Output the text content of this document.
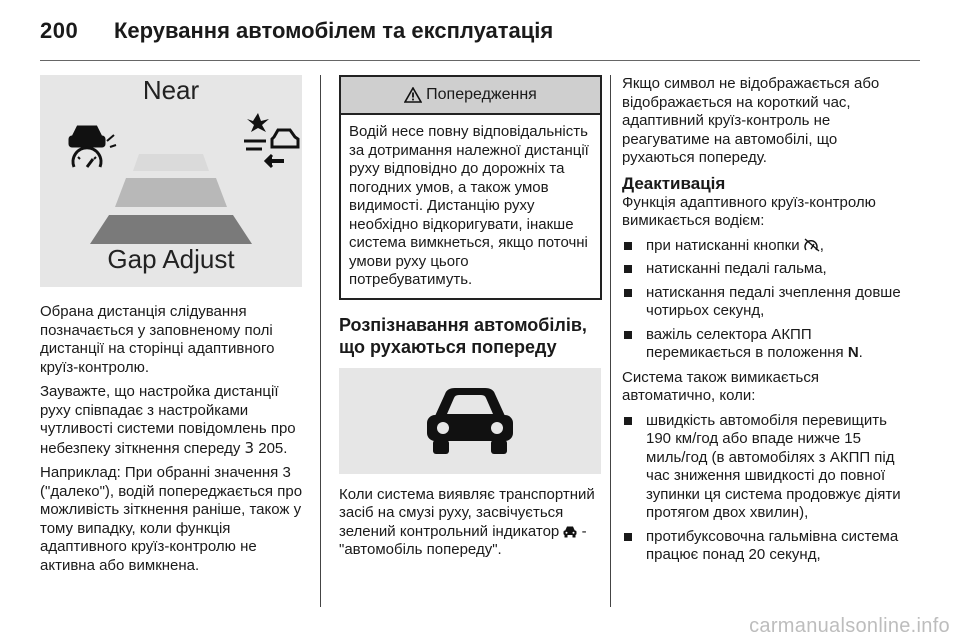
200 Керування автомобілем та експлуатація
Near
Gap Adjust

Обрана дистанція слідування позначається у заповненому полі дистанції на сторінці адаптивного круїз-контролю.

Зауважте, що настройка дистанції руху співпадає з настройками чутливості системи повідомлень про небезпеку зіткнення спереду 3 205.

Наприклад: При обранні значення 3 ("далеко"), водій попереджається про можливість зіткнення раніше, також у тому випадку, коли функція адаптивного круїз-контролю не активна або вимкнена.

Попередження
Водій несе повну відповідальність за дотримання належної дистанції руху відповідно до дорожніх та погодних умов, а також умов видимості. Дистанцію руху необхідно відкоригувати, інакше система вимкнеться, якщо поточні умови руху цього потребуватимуть.
Розпізнавання автомобілів, що рухаються попереду

Коли система виявляє транспортний засіб на смузі руху, засвічується зелений контрольний індикатор  - "автомобіль попереду".

Якщо символ не відображається або відображається на короткий час, адаптивний круїз-контроль не реагуватиме на автомобілі, що рухаються попереду.

Деактивація

Функція адаптивного круїз-контролю вимикається водієм:

при натисканні кнопки ,
натисканні педалі гальма,
натискання педалі зчеплення довше чотирьох секунд,
важіль селектора АКПП перемикається в положення N.

Система також вимикається автоматично, коли:

швидкість автомобіля перевищить 190 км/год або впаде нижче 15 миль/год (в автомобілях з АКПП під час зниження швидкості до повної зупинки ця система продовжує діяти протягом двох хвилин),
протибуксовочна гальмівна система працює понад 20 секунд,
carmanualsonline.info
